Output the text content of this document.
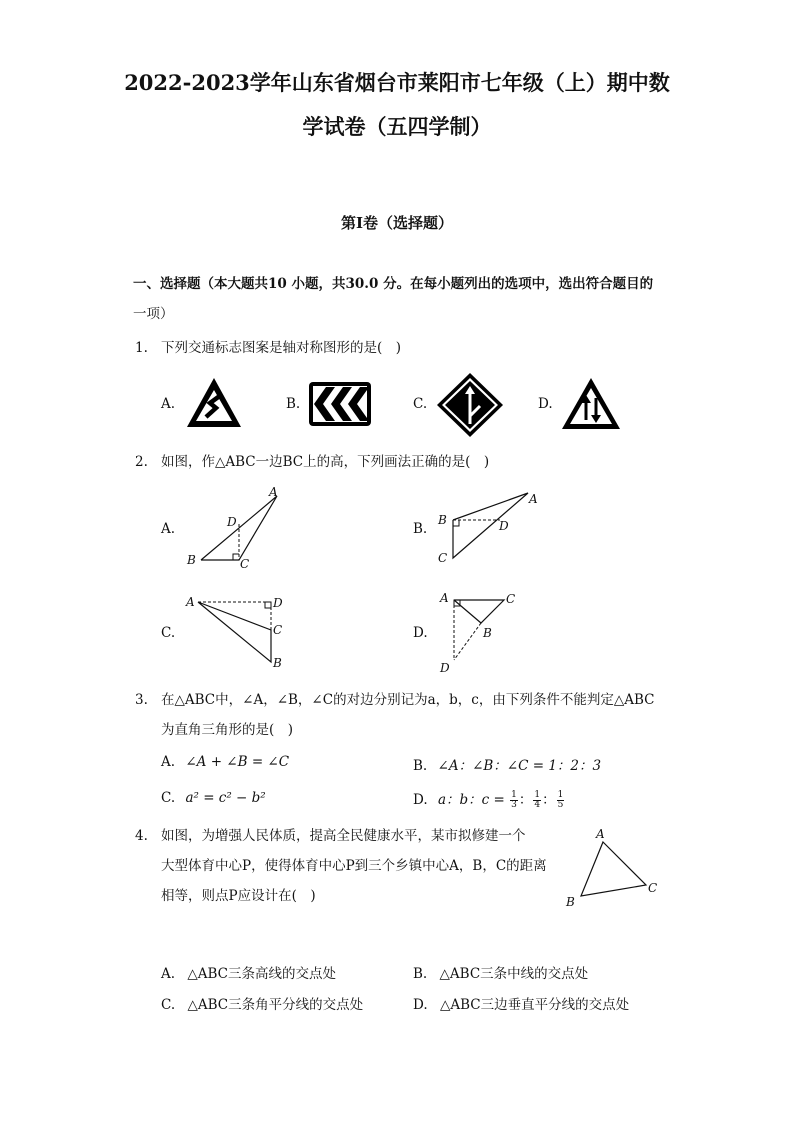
2022-2023学年山东省烟台市莱阳市七年级（上）期中数
学试卷（五四学制）
第I卷（选择题）
一、选择题（本大题共10 小题，共30.0 分。在每小题列出的选项中，选出符合题目的
一项）
1. 下列交通标志图案是轴对称图形的是(　)
A.	B.	C.	D.
2. 如图，作△ABC一边BC上的高，下列画法正确的是(　)
A.
A
D
B	C
B.
A
B	D
C
C.
A	D
C
B
D.
A	C
B
D
3. 在△ABC中，∠A，∠B，∠C的对边分别记为a，b，c，由下列条件不能判定△ABC
为直角三角形的是(　)
A. ∠A + ∠B = ∠C	B. ∠A：∠B：∠C = 1：2：3
C. a² = c² − b²	D. a：b：$c = \frac{1}{3}$ ： $\frac{1}{4}$ ： $\frac{1}{5}$
4. 如图，为增强人民体质，提高全民健康水平，某市拟修建一个
大型体育中心P，使得体育中心P到三个乡镇中心A，B，C的距离
相等，则点P应设计在(　)
A
C
B
A. △ABC三条高线的交点处	B. △ABC三条中线的交点处
C. △ABC三条角平分线的交点处	D. △ABC三边垂直平分线的交点处
